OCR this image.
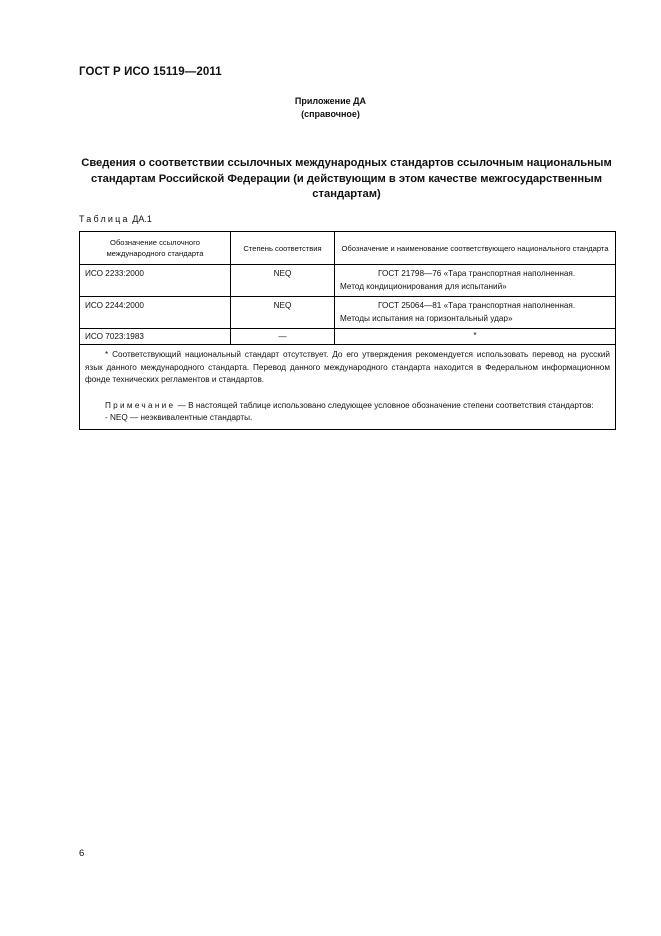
ГОСТ Р ИСО 15119—2011
Приложение ДА
(справочное)
Сведения о соответствии ссылочных международных стандартов ссылочным национальным
стандартам Российской Федерации (и действующим в этом качестве межгосударственным
стандартам)
Таблица ДА.1
Обозначение ссылочного международного стандарта	Степень соответствия	Обозначение и наименование соответствующего национального стандарта
ИСО 2233:2000	NEQ	ГОСТ 21798—76 «Тара транспортная наполненная.
Метод кондиционирования для испытаний»

ИСО 2244:2000	NEQ	ГОСТ 25064—81 «Тара транспортная наполненная.
Методы испытания на горизонтальный удар»

ИСО 7023:1983	—	*

* Соответствующий национальный стандарт отсутствует. До его утверждения рекомендуется использовать перевод на русский язык данного международного стандарта. Перевод данного международного стандарта находится в Федеральном информационном фонде технических регламентов и стандартов.

Примечание — В настоящей таблице использовано следующее условное обозначение степени соответствия стандартов:

- NEQ — неэквивалентные стандарты.		

6
